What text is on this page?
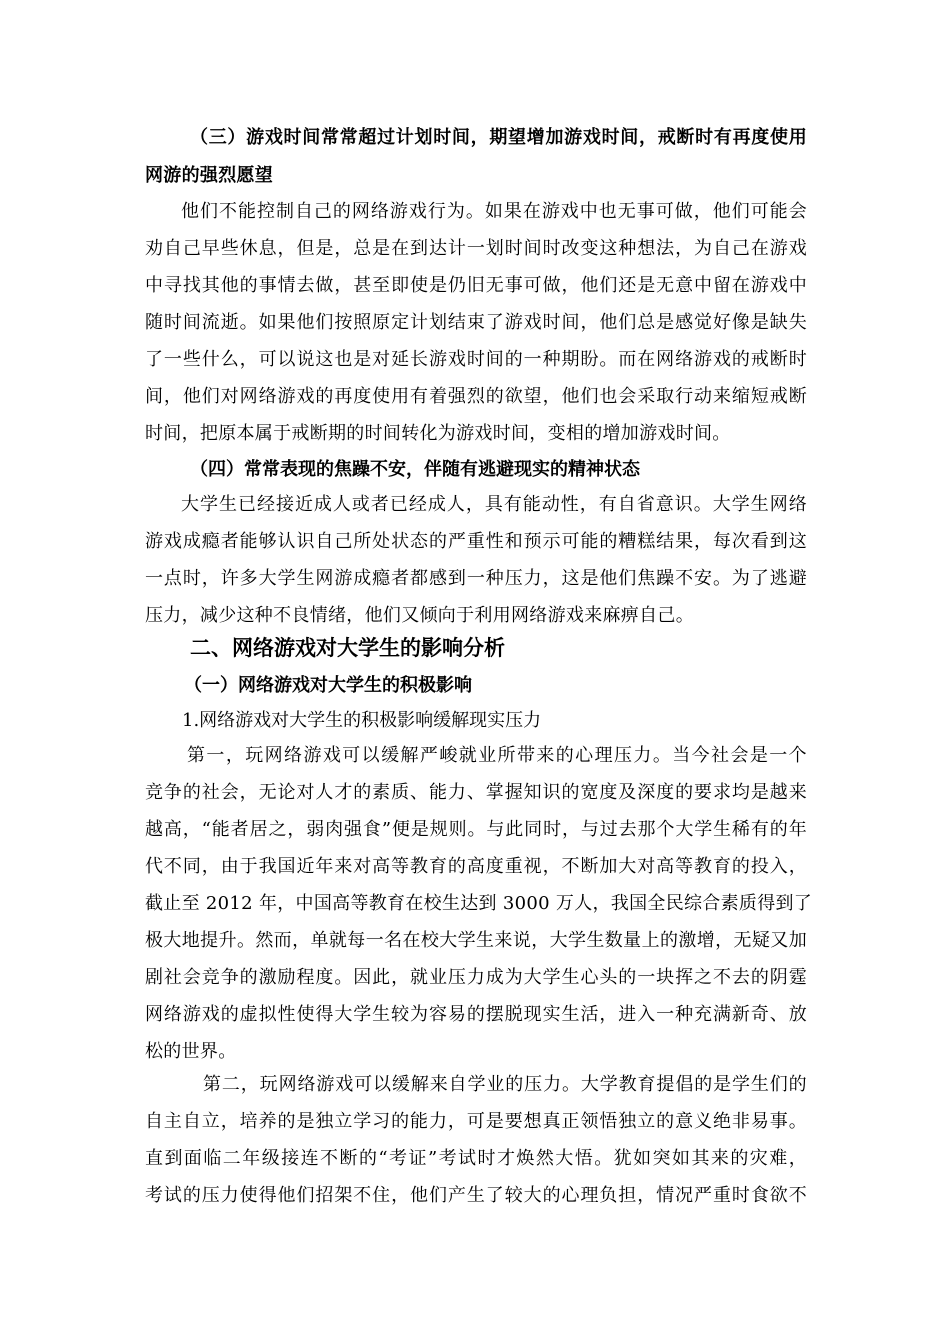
（三）游戏时间常常超过计划时间，期望增加游戏时间，戒断时有再度使用
网游的强烈愿望
他们不能控制自己的网络游戏行为。如果在游戏中也无事可做，他们可能会
劝自己早些休息，但是，总是在到达计一划时间时改变这种想法，为自己在游戏
中寻找其他的事情去做，甚至即使是仍旧无事可做，他们还是无意中留在游戏中
随时间流逝。如果他们按照原定计划结束了游戏时间，他们总是感觉好像是缺失
了一些什么，可以说这也是对延长游戏时间的一种期盼。而在网络游戏的戒断时
间，他们对网络游戏的再度使用有着强烈的欲望，他们也会采取行动来缩短戒断
时间，把原本属于戒断期的时间转化为游戏时间，变相的增加游戏时间。
（四）常常表现的焦躁不安，伴随有逃避现实的精神状态
大学生已经接近成人或者已经成人，具有能动性，有自省意识。大学生网络
游戏成瘾者能够认识自己所处状态的严重性和预示可能的糟糕结果，每次看到这
一点时，许多大学生网游成瘾者都感到一种压力，这是他们焦躁不安。为了逃避
压力，减少这种不良情绪，他们又倾向于利用网络游戏来麻痹自己。
二、网络游戏对大学生的影响分析
（一）网络游戏对大学生的积极影响
1.网络游戏对大学生的积极影响缓解现实压力
第一，玩网络游戏可以缓解严峻就业所带来的心理压力。当今社会是一个
竞争的社会，无论对人才的素质、能力、掌握知识的宽度及深度的要求均是越来
越高，“能者居之，弱肉强食”便是规则。与此同时，与过去那个大学生稀有的年
代不同，由于我国近年来对高等教育的高度重视，不断加大对高等教育的投入，
截止至 2012 年，中国高等教育在校生达到 3000 万人，我国全民综合素质得到了
极大地提升。然而，单就每一名在校大学生来说，大学生数量上的激增，无疑又加
剧社会竞争的激励程度。因此，就业压力成为大学生心头的一块挥之不去的阴霆
网络游戏的虚拟性使得大学生较为容易的摆脱现实生活，进入一种充满新奇、放
松的世界。
第二，玩网络游戏可以缓解来自学业的压力。大学教育提倡的是学生们的
自主自立，培养的是独立学习的能力，可是要想真正领悟独立的意义绝非易事。
直到面临二年级接连不断的“考证”考试时才焕然大悟。犹如突如其来的灾难，
考试的压力使得他们招架不住，他们产生了较大的心理负担，情况严重时食欲不
